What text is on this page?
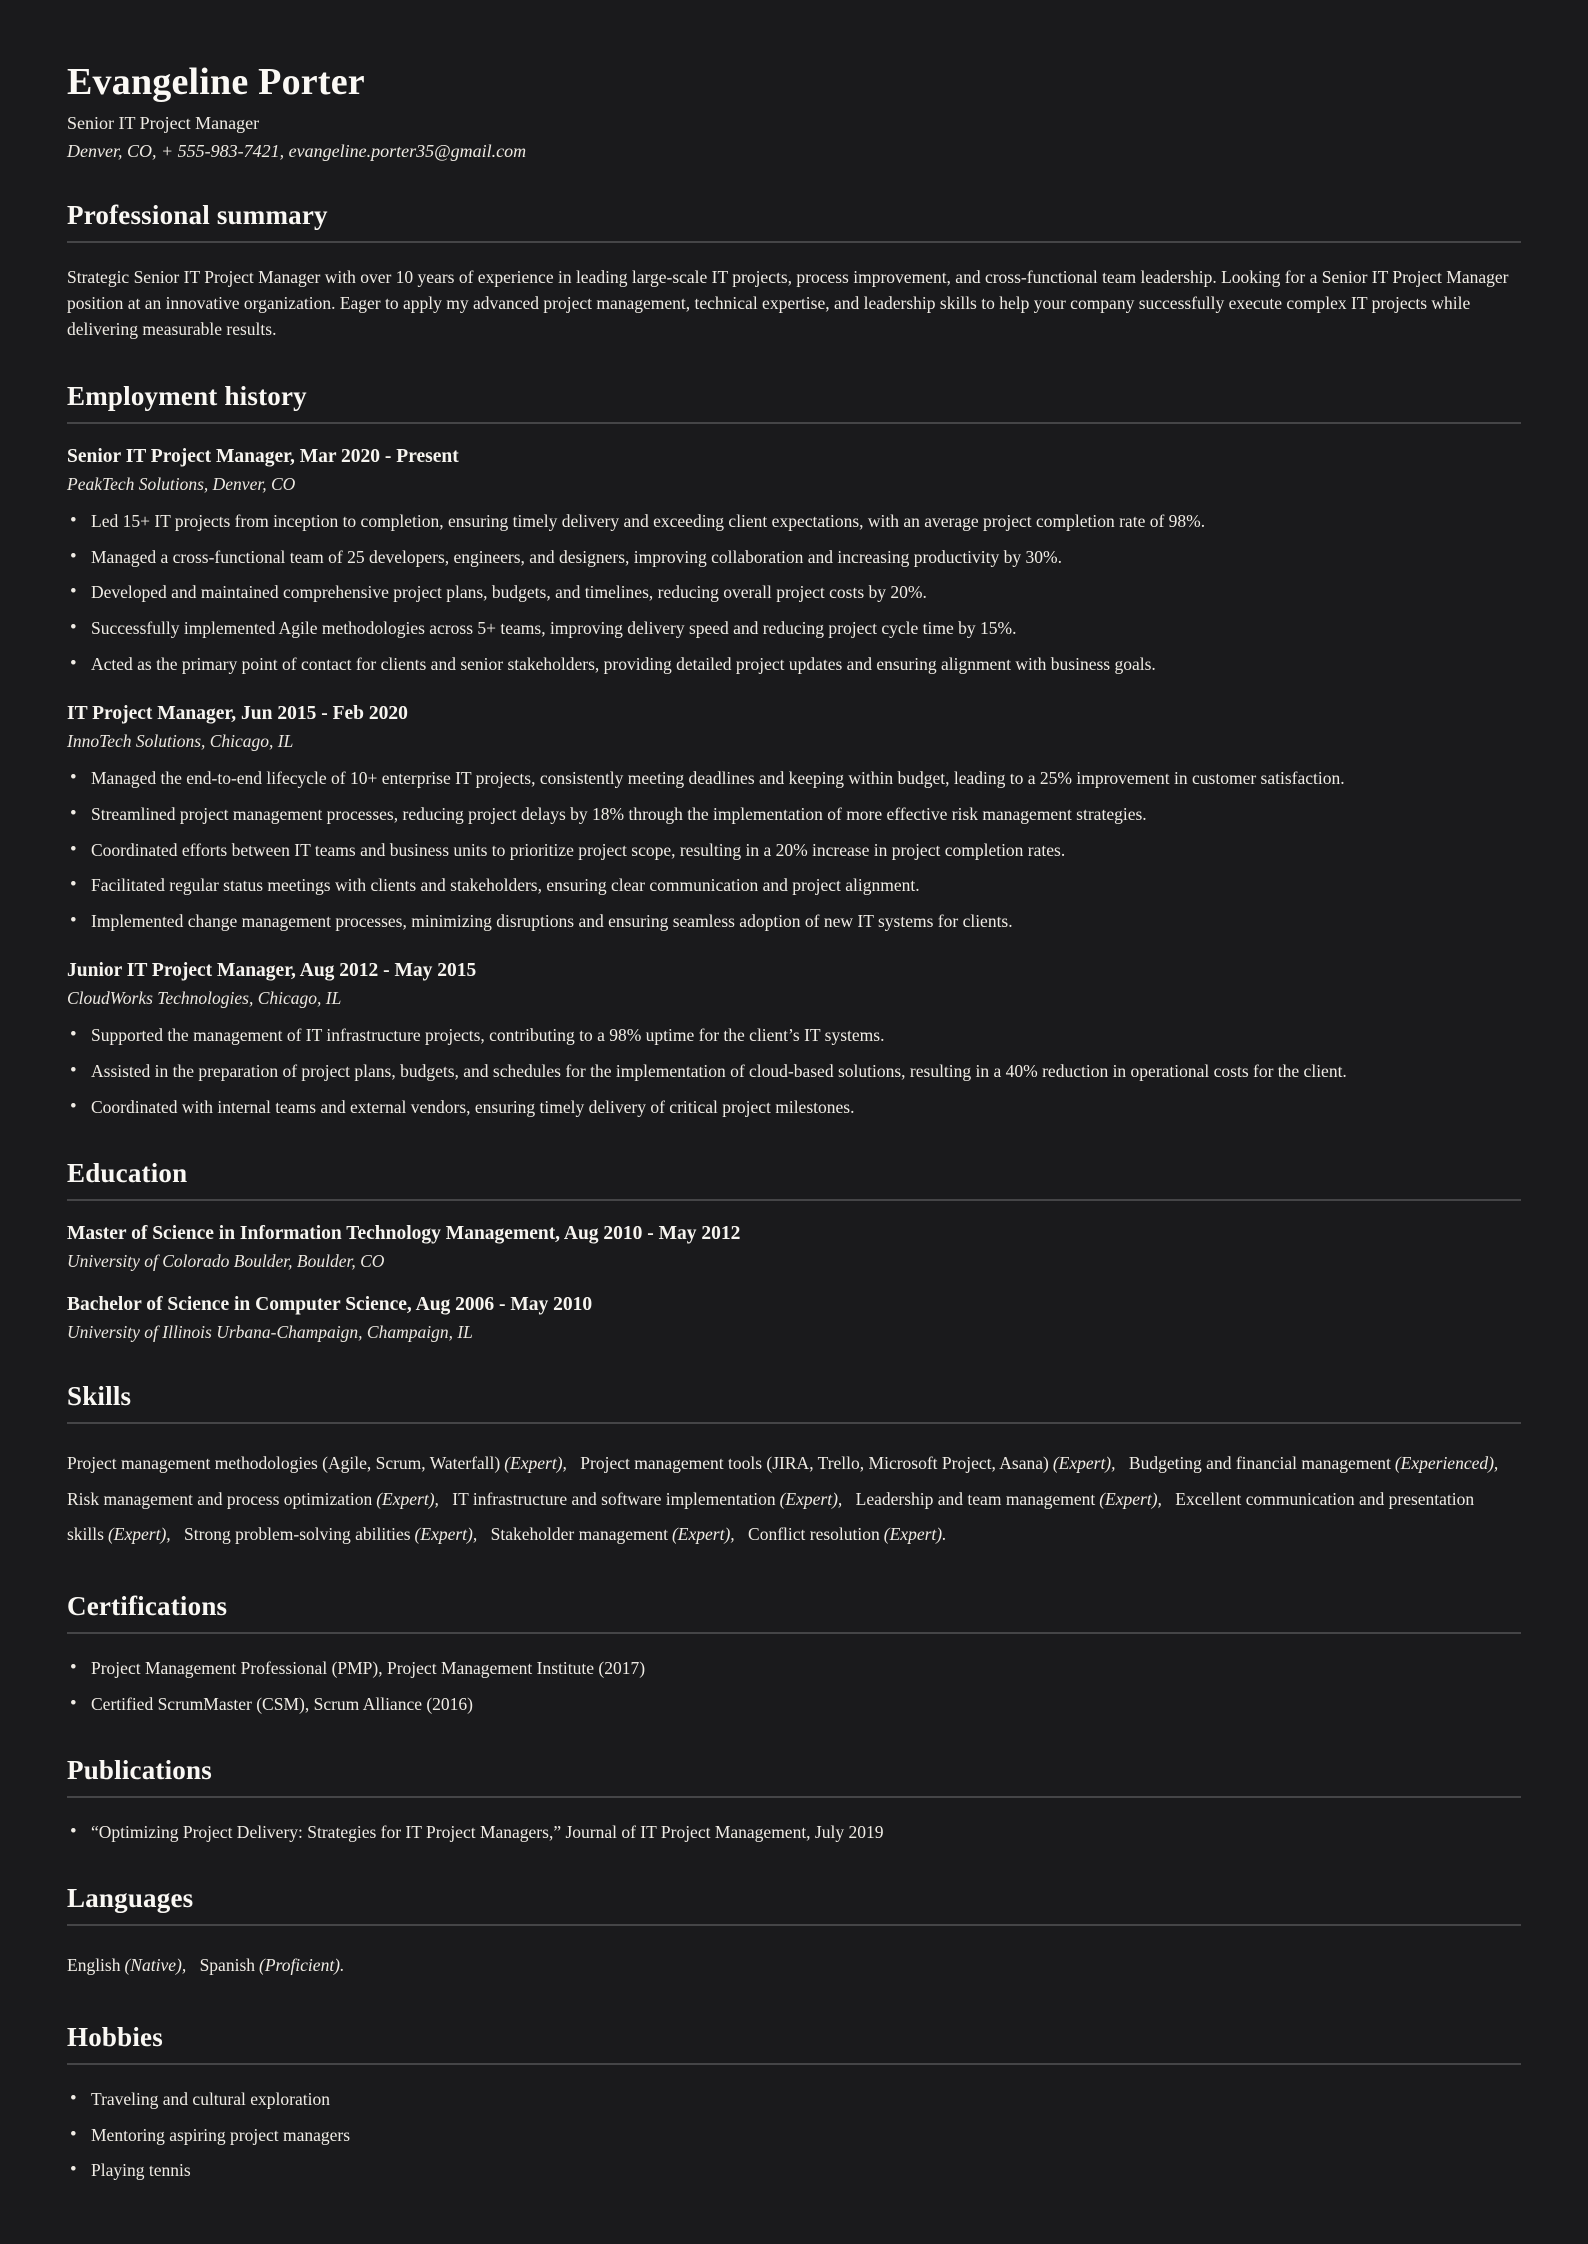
Evangeline Porter
Senior IT Project Manager
Denver, CO, + 555-983-7421, evangeline.porter35@gmail.com
Professional summary

Strategic Senior IT Project Manager with over 10 years of experience in leading large-scale IT projects, process improvement, and cross-functional team leadership. Looking for a Senior IT Project Manager position at an innovative organization. Eager to apply my advanced project management, technical expertise, and leadership skills to help your company successfully execute complex IT projects while delivering measurable results.

Employment history
Senior IT Project Manager, Mar 2020 - Present
PeakTech Solutions, Denver, CO
• Led 15+ IT projects from inception to completion, ensuring timely delivery and exceeding client expectations, with an average project completion rate of 98%.
• Managed a cross-functional team of 25 developers, engineers, and designers, improving collaboration and increasing productivity by 30%.
• Developed and maintained comprehensive project plans, budgets, and timelines, reducing overall project costs by 20%.
• Successfully implemented Agile methodologies across 5+ teams, improving delivery speed and reducing project cycle time by 15%.
• Acted as the primary point of contact for clients and senior stakeholders, providing detailed project updates and ensuring alignment with business goals.
IT Project Manager, Jun 2015 - Feb 2020
InnoTech Solutions, Chicago, IL
• Managed the end-to-end lifecycle of 10+ enterprise IT projects, consistently meeting deadlines and keeping within budget, leading to a 25% improvement in customer satisfaction.
• Streamlined project management processes, reducing project delays by 18% through the implementation of more effective risk management strategies.
• Coordinated efforts between IT teams and business units to prioritize project scope, resulting in a 20% increase in project completion rates.
• Facilitated regular status meetings with clients and stakeholders, ensuring clear communication and project alignment.
• Implemented change management processes, minimizing disruptions and ensuring seamless adoption of new IT systems for clients.
Junior IT Project Manager, Aug 2012 - May 2015
CloudWorks Technologies, Chicago, IL
• Supported the management of IT infrastructure projects, contributing to a 98% uptime for the client’s IT systems.
• Assisted in the preparation of project plans, budgets, and schedules for the implementation of cloud-based solutions, resulting in a 40% reduction in operational costs for the client.
• Coordinated with internal teams and external vendors, ensuring timely delivery of critical project milestones.
Education
Master of Science in Information Technology Management, Aug 2010 - May 2012
University of Colorado Boulder, Boulder, CO
Bachelor of Science in Computer Science, Aug 2006 - May 2010
University of Illinois Urbana-Champaign, Champaign, IL
Skills

Project management methodologies (Agile, Scrum, Waterfall) (Expert), Project management tools (JIRA, Trello, Microsoft Project, Asana) (Expert), Budgeting and financial management (Experienced), Risk management and process optimization (Expert), IT infrastructure and software implementation (Expert), Leadership and team management (Expert), Excellent communication and presentation skills (Expert), Strong problem-solving abilities (Expert), Stakeholder management (Expert), Conflict resolution (Expert).

Certifications
• Project Management Professional (PMP), Project Management Institute (2017)
• Certified ScrumMaster (CSM), Scrum Alliance (2016)
Publications
• “Optimizing Project Delivery: Strategies for IT Project Managers,” Journal of IT Project Management, July 2019
Languages

English (Native), Spanish (Proficient).

Hobbies
• Traveling and cultural exploration
• Mentoring aspiring project managers
• Playing tennis
